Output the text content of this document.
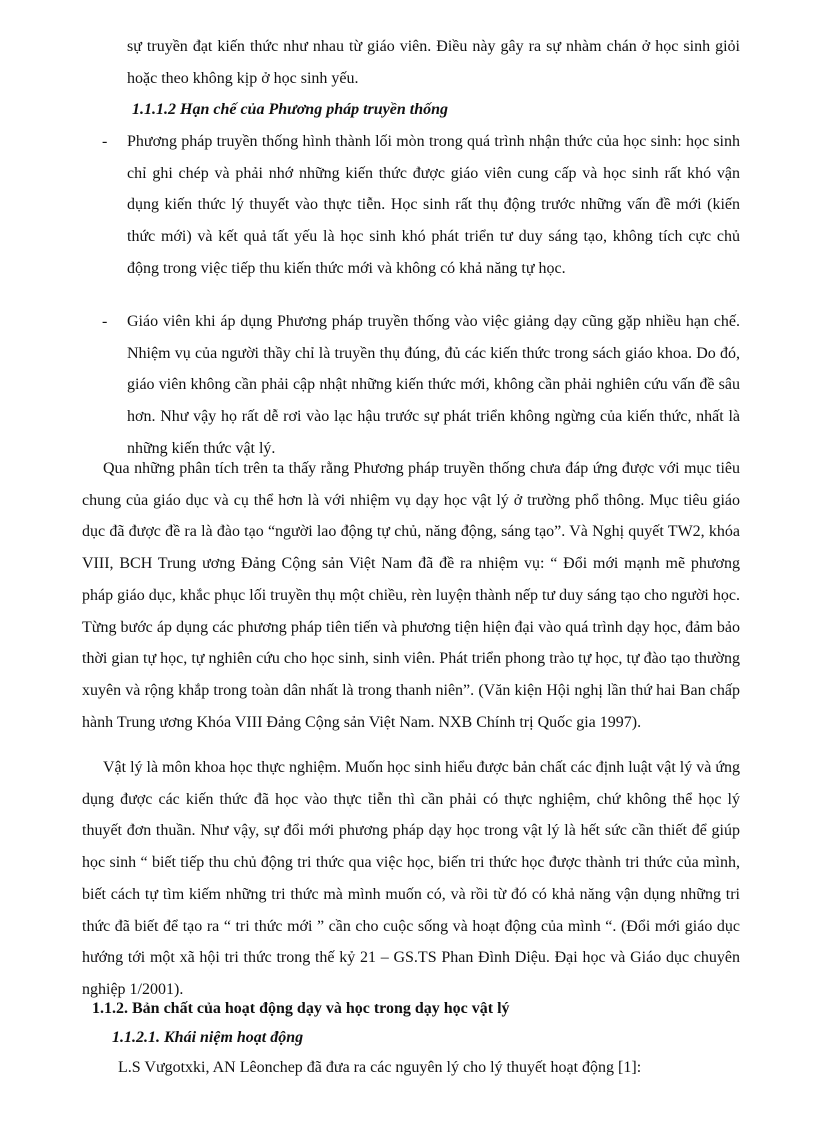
sự truyền đạt kiến thức như nhau từ giáo viên. Điều này gây ra sự nhàm chán ở học sinh giỏi hoặc theo không kịp ở học sinh yếu.

1.1.1.2 Hạn chế của Phương pháp truyền thống

-	Phương pháp truyền thống hình thành lối mòn trong quá trình nhận thức của học sinh: học sinh chỉ ghi chép và phải nhớ những kiến thức được giáo viên cung cấp và học sinh rất khó vận dụng kiến thức lý thuyết vào thực tiễn. Học sinh rất thụ động trước những vấn đề mới (kiến thức mới) và kết quả tất yếu là học sinh khó phát triển tư duy sáng tạo, không tích cực chủ động trong việc tiếp thu kiến thức mới và không có khả năng tự học.

-	Giáo viên khi áp dụng Phương pháp truyền thống vào việc giảng dạy cũng gặp nhiều hạn chế. Nhiệm vụ của người thầy chỉ là truyền thụ đúng, đủ các kiến thức trong sách giáo khoa. Do đó, giáo viên không cần phải cập nhật những kiến thức mới, không cần phải nghiên cứu vấn đề sâu hơn. Như vậy họ rất dễ rơi vào lạc hậu trước sự phát triển không ngừng của kiến thức, nhất là những kiến thức vật lý.

Qua những phân tích trên ta thấy rằng Phương pháp truyền thống chưa đáp ứng được với mục tiêu chung của giáo dục và cụ thể hơn là với nhiệm vụ dạy học vật lý ở trường phổ thông. Mục tiêu giáo dục đã được đề ra là đào tạo “người lao động tự chủ, năng động, sáng tạo”. Và Nghị quyết TW2, khóa VIII, BCH Trung ương Đảng Cộng sản Việt Nam đã đề ra nhiệm vụ: “ Đổi mới mạnh mẽ phương pháp giáo dục, khắc phục lối truyền thụ một chiều, rèn luyện thành nếp tư duy sáng tạo cho người học. Từng bước áp dụng các phương pháp tiên tiến và phương tiện hiện đại vào quá trình dạy học, đảm bảo thời gian tự học, tự nghiên cứu cho học sinh, sinh viên. Phát triển phong trào tự học, tự đào tạo thường xuyên và rộng khắp trong toàn dân nhất là trong thanh niên”. (Văn kiện Hội nghị lần thứ hai Ban chấp hành Trung ương Khóa VIII Đảng Cộng sản Việt Nam. NXB Chính trị Quốc gia 1997).

Vật lý là môn khoa học thực nghiệm. Muốn học sinh hiểu được bản chất các định luật vật lý và ứng dụng được các kiến thức đã học vào thực tiễn thì cần phải có thực nghiệm, chứ không thể học lý thuyết đơn thuần. Như vậy, sự đổi mới phương pháp dạy học trong vật lý là hết sức cần thiết để giúp học sinh “ biết tiếp thu chủ động tri thức qua việc học, biến tri thức học được thành tri thức của mình, biết cách tự tìm kiếm những tri thức mà mình muốn có, và rồi từ đó có khả năng vận dụng những tri thức đã biết để tạo ra “ tri thức mới ” cần cho cuộc sống và hoạt động của mình “. (Đổi mới giáo dục hướng tới một xã hội tri thức trong thế kỷ 21 – GS.TS Phan Đình Diệu. Đại học và Giáo dục chuyên nghiệp 1/2001).

1.1.2. Bản chất của hoạt động dạy và học trong dạy học vật lý

1.1.2.1. Khái niệm hoạt động

L.S Vưgotxki, AN Lêonchep đã đưa ra các nguyên lý cho lý thuyết hoạt động [1]:
